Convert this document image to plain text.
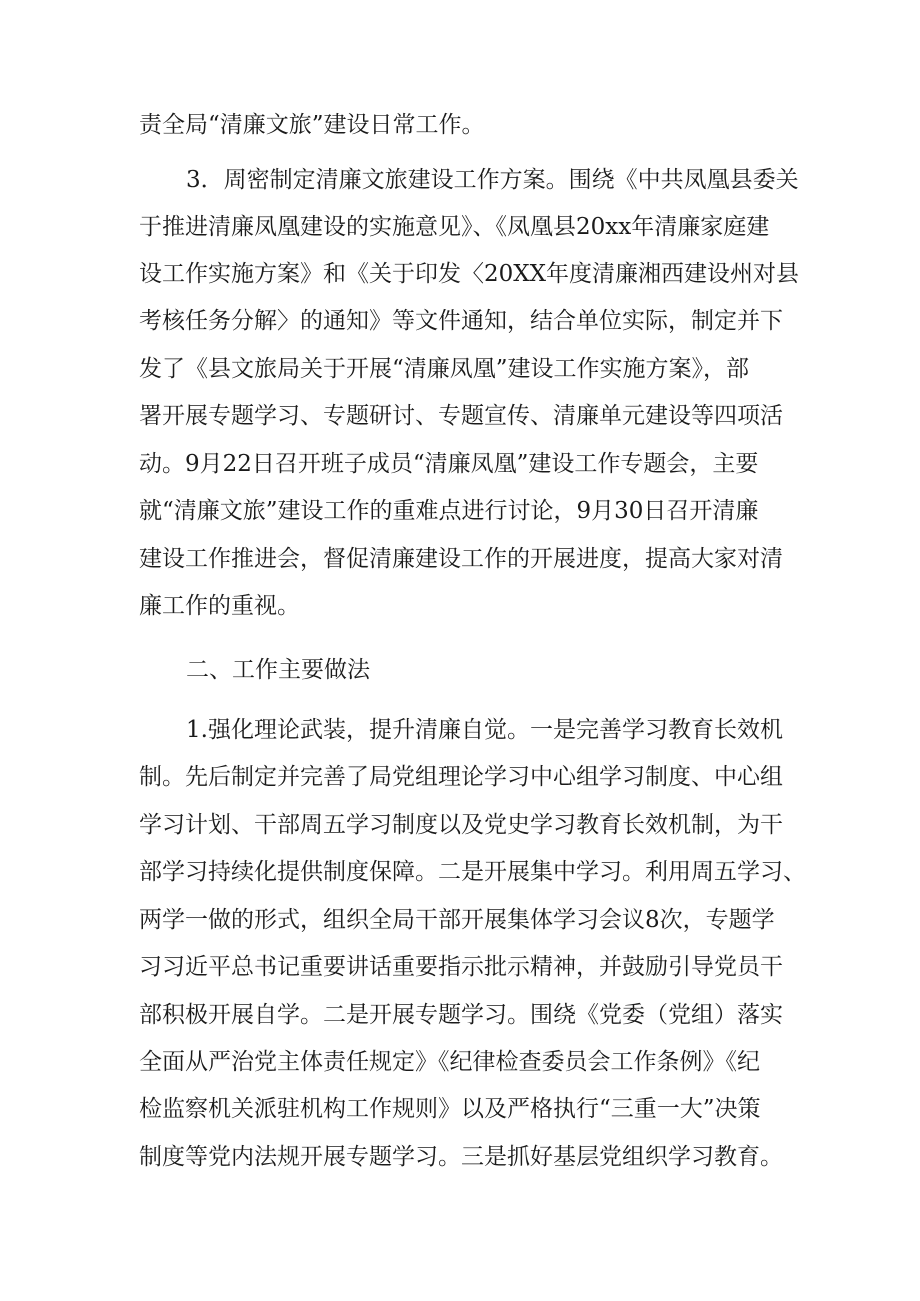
责全局“清廉文旅”建设日常工作。
3．周密制定清廉文旅建设工作方案。围绕《中共凤凰县委关
于推进清廉凤凰建设的实施意见》、《凤凰县20xx年清廉家庭建
设工作实施方案》和《关于印发〈20XX年度清廉湘西建设州对县
考核任务分解〉的通知》等文件通知，结合单位实际，制定并下
发了《县文旅局关于开展“清廉凤凰”建设工作实施方案》，部
署开展专题学习、专题研讨、专题宣传、清廉单元建设等四项活
动。9月22日召开班子成员“清廉凤凰”建设工作专题会，主要
就“清廉文旅”建设工作的重难点进行讨论，9月30日召开清廉
建设工作推进会，督促清廉建设工作的开展进度，提高大家对清
廉工作的重视。
二、工作主要做法
1.强化理论武装，提升清廉自觉。一是完善学习教育长效机
制。先后制定并完善了局党组理论学习中心组学习制度、中心组
学习计划、干部周五学习制度以及党史学习教育长效机制，为干
部学习持续化提供制度保障。二是开展集中学习。利用周五学习、
两学一做的形式，组织全局干部开展集体学习会议8次，专题学
习习近平总书记重要讲话重要指示批示精神，并鼓励引导党员干
部积极开展自学。二是开展专题学习。围绕《党委（党组）落实
全面从严治党主体责任规定》《纪律检查委员会工作条例》《纪
检监察机关派驻机构工作规则》以及严格执行“三重一大”决策
制度等党内法规开展专题学习。三是抓好基层党组织学习教育。
